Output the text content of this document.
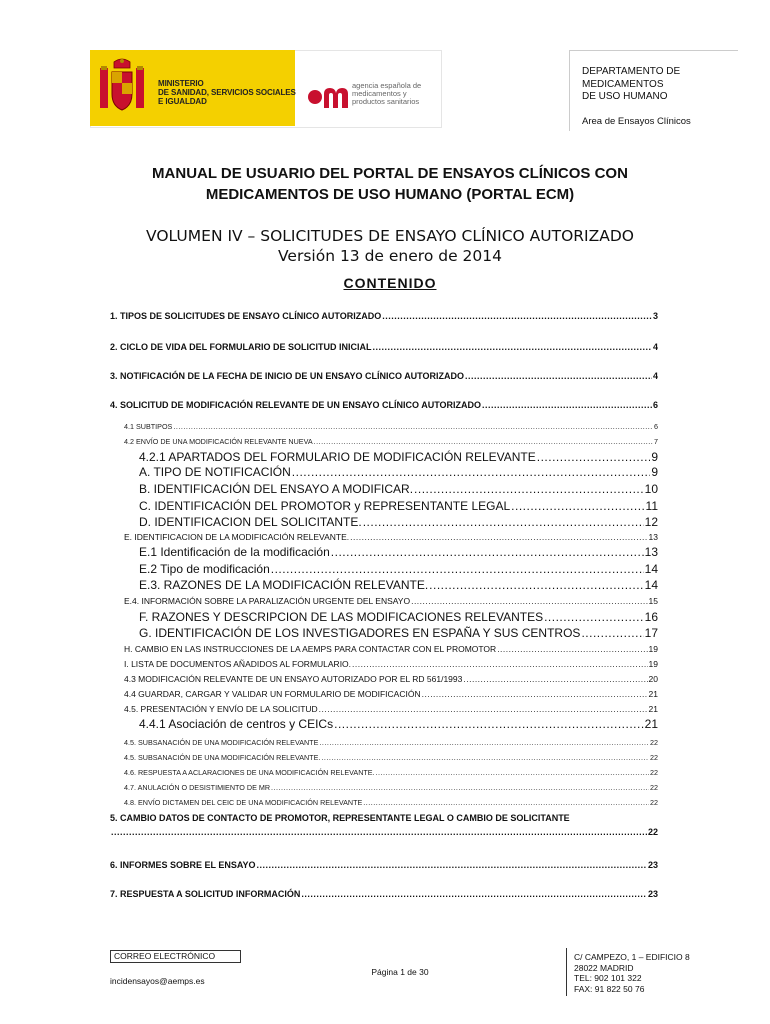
MINISTERIO
DE SANIDAD, SERVICIOS SOCIALES
E IGUALDAD
agencia española de
medicamentos y
productos sanitarios
DEPARTAMENTO DE
MEDICAMENTOS
DE USO HUMANO
Area de Ensayos Clínicos
MANUAL DE USUARIO DEL PORTAL DE ENSAYOS CLÍNICOS CON
MEDICAMENTOS DE USO HUMANO (PORTAL ECM)
VOLUMEN IV – SOLICITUDES DE ENSAYO CLÍNICO AUTORIZADO
Versión 13 de enero de 2014
CONTENIDO
1. TIPOS DE SOLICITUDES DE ENSAYO CLÍNICO AUTORIZADO .....	3
2. CICLO DE VIDA DEL FORMULARIO DE SOLICITUD INICIAL .....	4
3. NOTIFICACIÓN DE LA FECHA DE INICIO DE UN ENSAYO CLÍNICO AUTORIZADO .....	4
4. SOLICITUD DE MODIFICACIÓN RELEVANTE DE UN ENSAYO CLÍNICO AUTORIZADO .....	6
4.1 SUBTIPOS .....	6
4.2 ENVÍO DE UNA MODIFICACIÓN RELEVANTE NUEVA .....	7
4.2.1 APARTADOS DEL FORMULARIO DE MODIFICACIÓN RELEVANTE .....	9
A. TIPO DE NOTIFICACIÓN .....	9
B. IDENTIFICACIÓN DEL ENSAYO A MODIFICAR. .....	10
C. IDENTIFICACIÓN DEL PROMOTOR y REPRESENTANTE LEGAL .....	11
D. IDENTIFICACION DEL SOLICITANTE. .....	12
E. IDENTIFICACION DE LA MODIFICACIÓN RELEVANTE. .....	13
E.1 Identificación de la modificación .....	13
E.2 Tipo de modificación .....	14
E.3. RAZONES DE LA MODIFICACIÓN RELEVANTE. .....	14
E.4. INFORMACIÓN SOBRE LA PARALIZACIÓN URGENTE DEL ENSAYO .....	15
F. RAZONES Y DESCRIPCION DE LAS MODIFICACIONES RELEVANTES .....	16
G. IDENTIFICACIÓN DE LOS INVESTIGADORES EN ESPAÑA Y SUS CENTROS .....	17
H. CAMBIO EN LAS INSTRUCCIONES DE LA AEMPS PARA CONTACTAR CON EL PROMOTOR .....	19
I. LISTA DE DOCUMENTOS AÑADIDOS AL FORMULARIO. .....	19
4.3 MODIFICACIÓN RELEVANTE DE UN ENSAYO AUTORIZADO POR EL RD 561/1993 .....	20
4.4 GUARDAR, CARGAR Y VALIDAR UN FORMULARIO DE MODIFICACIÓN .....	21
4.5. PRESENTACIÓN Y ENVÍO DE LA SOLICITUD .....	21
4.4.1 Asociación de centros y CEICs .....	21
4.5. SUBSANACIÓN DE UNA MODIFICACIÓN RELEVANTE .....	22
4.5. SUBSANACIÓN DE UNA MODIFICACIÓN RELEVANTE. .....	22
4.6. RESPUESTA A ACLARACIONES DE UNA MODIFICACIÓN RELEVANTE. .....	22
4.7. ANULACIÓN O DESISTIMIENTO DE MR .....	22
4.8. ENVÍO DICTAMEN DEL CEIC DE UNA MODIFICACIÓN RELEVANTE .....	22
5. CAMBIO DATOS DE CONTACTO DE PROMOTOR, REPRESENTANTE LEGAL O CAMBIO DE SOLICITANTE
.....
22
6. INFORMES SOBRE EL ENSAYO .....	23
7. RESPUESTA A SOLICITUD INFORMACIÓN .....	23
CORREO ELECTRÓNICO
incidensayos@aemps.es
Página 1 de 30
C/ CAMPEZO, 1 – EDIFICIO 8
28022 MADRID
TEL: 902 101 322
FAX: 91 822 50 76
